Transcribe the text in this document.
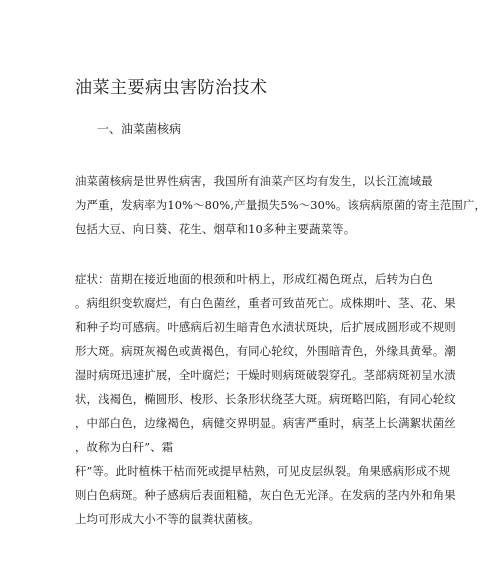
油菜主要病虫害防治技术

一、油菜菌核病

油菜菌核病是世界性病害，我国所有油菜产区均有发生，以长江流域最
为严重，发病率为10%～80%,产量损失5%～30%。该病病原菌的寄主范围广，
包括大豆、向日葵、花生、烟草和10多种主要蔬菜等。
症状：苗期在接近地面的根颈和叶柄上，形成红褐色斑点，后转为白色
。病组织变软腐烂，有白色菌丝，重者可致苗死亡。成株期叶、茎、花、果
和种子均可感病。叶感病后初生暗青色水渍状斑块，后扩展成圆形或不规则
形大斑。病斑灰褐色或黄褐色，有同心轮纹，外围暗青色，外缘具黄晕。潮
湿时病斑迅速扩展，全叶腐烂；干燥时则病斑破裂穿孔。茎部病斑初呈水渍
状，浅褐色，椭圆形、梭形、长条形状绕茎大斑。病斑略凹陷，有同心轮纹
，中部白色，边缘褐色，病健交界明显。病害严重时，病茎上长满絮状菌丝
，故称为白秆”、霜
秆”等。此时植株干枯而死或提早枯熟，可见皮层纵裂。角果感病形成不规
则白色病斑。种子感病后表面粗糙，灰白色无光泽。在发病的茎内外和角果
上均可形成大小不等的鼠粪状菌核。
